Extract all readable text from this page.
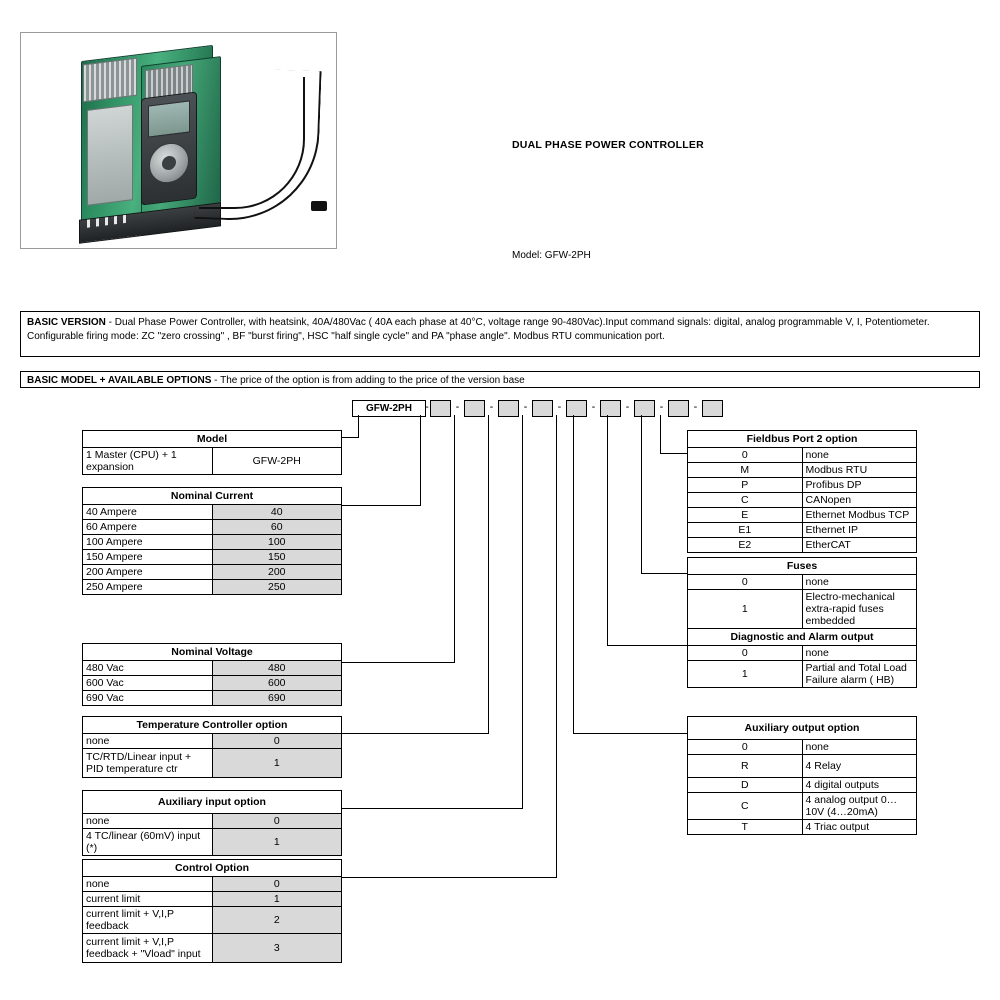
DUAL PHASE POWER CONTROLLER
Model: GFW-2PH
BASIC VERSION - Dual Phase Power Controller, with heatsink, 40A/480Vac ( 40A each phase at 40°C, voltage range 90-480Vac).Input command signals: digital, analog programmable V, I, Potentiometer. Configurable firing mode: ZC "zero crossing" , BF "burst firing", HSC "half single cycle" and PA "phase angle". Modbus RTU communication port.
BASIC MODEL + AVAILABLE OPTIONS - The price of the option is from adding to the price of the version base
GFW-2PH	-	-	-	-	-	-	-	-	-
Model
1 Master (CPU) + 1 expansion	GFW-2PH
Nominal Current	
40 Ampere	40
60 Ampere	60
100 Ampere	100
150 Ampere	150
200 Ampere	200
250 Ampere	250
Nominal Voltage	
480 Vac	480
600 Vac	600
690 Vac	690
Temperature Controller option	
none	0
TC/RTD/Linear input + PID temperature ctr	1
Auxiliary input option	
none	0
4 TC/linear (60mV) input (*)	1
Control Option	
none	0
current limit	1
current limit + V,I,P feedback	2
current limit + V,I,P feedback + "Vload" input	3
Fieldbus Port 2 option	
0	none
M	Modbus RTU
P	Profibus DP
C	CANopen
E	Ethernet Modbus TCP
E1	Ethernet IP
E2	EtherCAT
Fuses	
0	none
1	Electro-mechanical extra-rapid fuses embedded
Diagnostic and Alarm output	
0	none
1	Partial and Total Load Failure alarm ( HB)
Auxiliary output option	
0	none
R	4 Relay
D	4 digital outputs
C	4 analog output 0…10V (4…20mA)
T	4 Triac output
